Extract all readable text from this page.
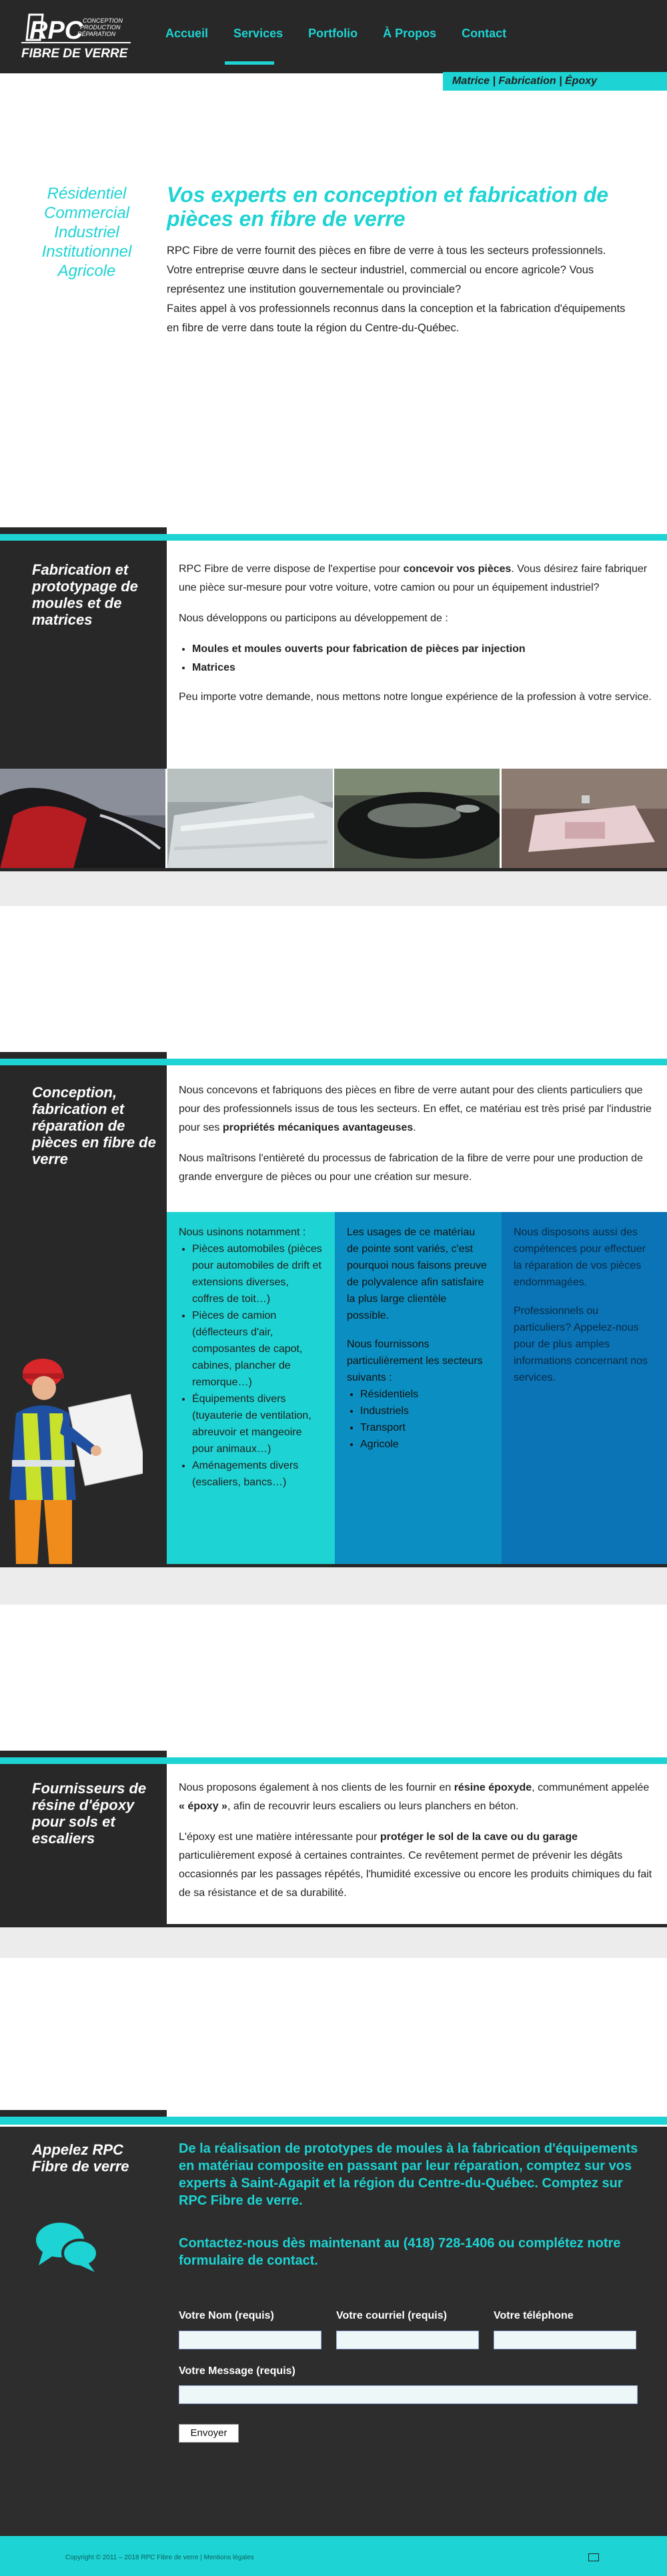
RPC CONCEPTION
PRODUCTION
RÉPARATION
FIBRE DE VERRE
Accueil Services Portfolio À Propos Contact
Matrice | Fabrication | Époxy
Résidentiel
Commercial
Industriel
Institutionnel
Agricole
Vos experts en conception et fabrication de pièces en fibre de verre

RPC Fibre de verre fournit des pièces en fibre de verre à tous les secteurs professionnels. Votre entreprise œuvre dans le secteur industriel, commercial ou encore agricole? Vous représentez une institution gouvernementale ou provinciale?

Faites appel à vos professionnels reconnus dans la conception et la fabrication d'équipements en fibre de verre dans toute la région du Centre-du-Québec.

Fabrication et prototypage de moules et de matrices

RPC Fibre de verre dispose de l'expertise pour concevoir vos pièces. Vous désirez faire fabriquer une pièce sur-mesure pour votre voiture, votre camion ou pour un équipement industriel?

Nous développons ou participons au développement de :

• Moules et moules ouverts pour fabrication de pièces par injection
• Matrices

Peu importe votre demande, nous mettons notre longue expérience de la profession à votre service.

Conception, fabrication et réparation de pièces en fibre de verre

Nous concevons et fabriquons des pièces en fibre de verre autant pour des clients particuliers que pour des professionnels issus de tous les secteurs. En effet, ce matériau est très prisé par l'industrie pour ses propriétés mécaniques avantageuses.

Nous maîtrisons l'entièreté du processus de fabrication de la fibre de verre pour une production de grande envergure de pièces ou pour une création sur mesure.

Nous usinons notamment :

• Pièces automobiles (pièces pour automobiles de drift et extensions diverses, coffres de toit…)
• Pièces de camion (déflecteurs d'air, composantes de capot, cabines, plancher de remorque…)
• Équipements divers (tuyauterie de ventilation, abreuvoir et mangeoire pour animaux…)
• Aménagements divers (escaliers, bancs…)

Les usages de ce matériau de pointe sont variés, c'est pourquoi nous faisons preuve de polyvalence afin satisfaire la plus large clientèle possible.

Nous fournissons particulièrement les secteurs suivants :

• Résidentiels
• Industriels
• Transport
• Agricole

Nous disposons aussi des compétences pour effectuer la réparation de vos pièces endommagées.

Professionnels ou particuliers? Appelez-nous pour de plus amples informations concernant nos services.

Fournisseurs de résine d'époxy pour sols et escaliers

Nous proposons également à nos clients de les fournir en résine époxyde, communément appelée « époxy », afin de recouvrir leurs escaliers ou leurs planchers en béton.

L'époxy est une matière intéressante pour protéger le sol de la cave ou du garage particulièrement exposé à certaines contraintes. Ce revêtement permet de prévenir les dégâts occasionnés par les passages répétés, l'humidité excessive ou encore les produits chimiques du fait de sa résistance et de sa durabilité.

Appelez RPC Fibre de verre

De la réalisation de prototypes de moules à la fabrication d'équipements en matériau composite en passant par leur réparation, comptez sur vos experts à Saint-Agapit et la région du Centre-du-Québec. Comptez sur RPC Fibre de verre.

Contactez-nous dès maintenant au (418) 728-1406 ou complétez notre formulaire de contact.

Votre Nom (requis)	Votre courriel (requis)	Votre téléphone
Votre Message (requis)
Envoyer
Copyright © 2011 – 2018 RPC Fibre de verre | Mentions légales
